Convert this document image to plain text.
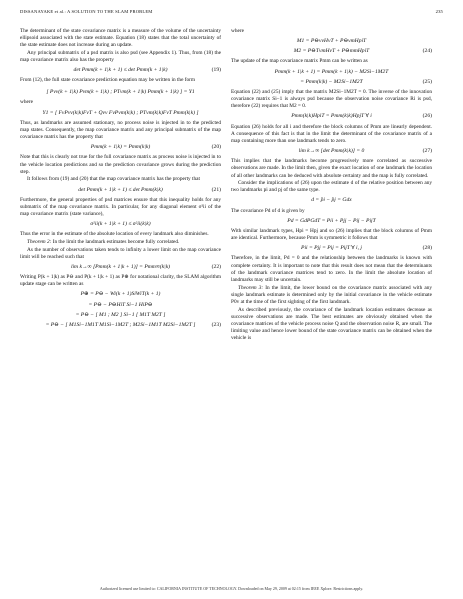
DISSANAYAKE et al.: A SOLUTION TO THE SLAM PROBLEM	235

The determinant of the state covariance matrix is a measure of the volume of the uncertainty ellipsoid associated with the state estimate. Equation (18) states that the total uncertainty of the state estimate does not increase during an update.

Any principal submatrix of a psd matrix is also psd (see Appendix 1). Thus, from (18) the map covariance matrix also has the property

det Pmm(k + 1|k + 1) ≤ det Pmm(k + 1|k)	(19)

From (12), the full state covariance prediction equation may be written in the form

[ Pvv(k + 1|k) Pvm(k + 1|k) ; PTvm(k + 1|k) Pmm(k + 1|k) ] = Y1

where

Y1 = [ FvPvv(k|k)FvT + Qvv FvPvm(k|k) ; PTvm(k|k)FvT Pmm(k|k) ]

Thus, as landmarks are assumed stationary, no process noise is injected in to the predicted map states. Consequently, the map covariance matrix and any principal submatrix of the map covariance matrix has the property that

Pmm(k + 1|k) = Pmm(k|k)	(20)

Note that this is clearly not true for the full covariance matrix as process noise is injected in to the vehicle location predictions and so the prediction covariance grows during the prediction step.

It follows from (19) and (20) that the map covariance matrix has the property that

det Pmm(k + 1|k + 1) ≤ det Pmm(k|k)	(21)

Furthermore, the general properties of psd matrices ensure that this inequality holds for any submatrix of the map covariance matrix. In particular, for any diagonal element σ²ii of the map covariance matrix (state variance),

σ²ii(k + 1|k + 1) ≤ σ²ii(k|k)

Thus the error in the estimate of the absolute location of every landmark also diminishes.

Theorem 2: In the limit the landmark estimates become fully correlated.

As the number of observations taken tends to infinity a lower limit on the map covariance limit will be reached such that

lim k→∞ [Pmm(k + 1|k + 1)] = Pmm∞(k|k)	(22)

Writing P(k + 1|k) as P⊖ and P(k + 1|k + 1) as P⊕ for notational clarity, the SLAM algorithm update stage can be written as

P⊕ = P⊖ − Wi(k + 1)SiWiT(k + 1)
= P⊖ − P⊖HiT Si−1 HiP⊖
= P⊖ − [ M1 ; M2 ] Si−1 [ M1T M2T ]
= P⊖ − [ M1Si−1M1T M1Si−1M2T ; M2Si−1M1T M2Si−1M2T ]	(23)

where

M1 = P⊖vvHvT + P⊖vmHpiT
M2 = P⊖TvmHvT + P⊖mmHpiT	(24)

The update of the map covariance matrix Pmm can be written as

Pmm(k + 1|k + 1) = Pmm(k + 1|k) − M2Si−1M2T
= Pmm(k|k) − M2Si−1M2T	(25)

Equation (22) and (25) imply that the matrix M2Si−1M2T = 0. The inverse of the innovation covariance matrix Si−1 is always psd because the observation noise covariance Ri is psd, therefore (22) requires that M2 = 0.

Pmm(k|k)HpiT = Pmm(k|k)HpjT ∀ i	(26)

Equation (26) holds for all i and therefore the block columns of Pmm are linearly dependent. A consequence of this fact is that in the limit the determinant of the covariance matrix of a map containing more than one landmark tends to zero.

lim k→∞ [det Pmm(k|k)] = 0	(27)

This implies that the landmarks become progressively more correlated as successive observations are made. In the limit then, given the exact location of one landmark the location of all other landmarks can be deduced with absolute certainty and the map is fully correlated.

Consider the implications of (26) upon the estimate d of the relative position between any two landmarks pi and pj of the same type.

d = p̂i − p̂j = Gdx

The covariance Pd of d is given by

Pd = GdPGdT = Pii + Pjj − Pij − PijT

With similar landmark types, Hpi = Hpj and so (26) implies that the block columns of Pmm are identical. Furthermore, because Pmm is symmetric it follows that

Pii = Pjj = Pij = PijT ∀ i, j	(28)

Therefore, in the limit, Pd = 0 and the relationship between the landmarks is known with complete certainty. It is important to note that this result does not mean that the determinants of the landmark covariance matrices tend to zero. In the limit the absolute location of landmarks may still be uncertain.

Theorem 3: In the limit, the lower bound on the covariance matrix associated with any single landmark estimate is determined only by the initial covariance in the vehicle estimate P0v at the time of the first sighting of the first landmark.

As described previously, the covariance of the landmark location estimates decrease as successive observations are made. The best estimates are obviously obtained when the covariance matrices of the vehicle process noise Q and the observation noise R, are small. The limiting value and hence lower bound of the state covariance matrix can be obtained when the vehicle is

Authorized licensed use limited to: CALIFORNIA INSTITUTE OF TECHNOLOGY. Downloaded on May 29, 2009 at 02:15 from IEEE Xplore. Restrictions apply.
